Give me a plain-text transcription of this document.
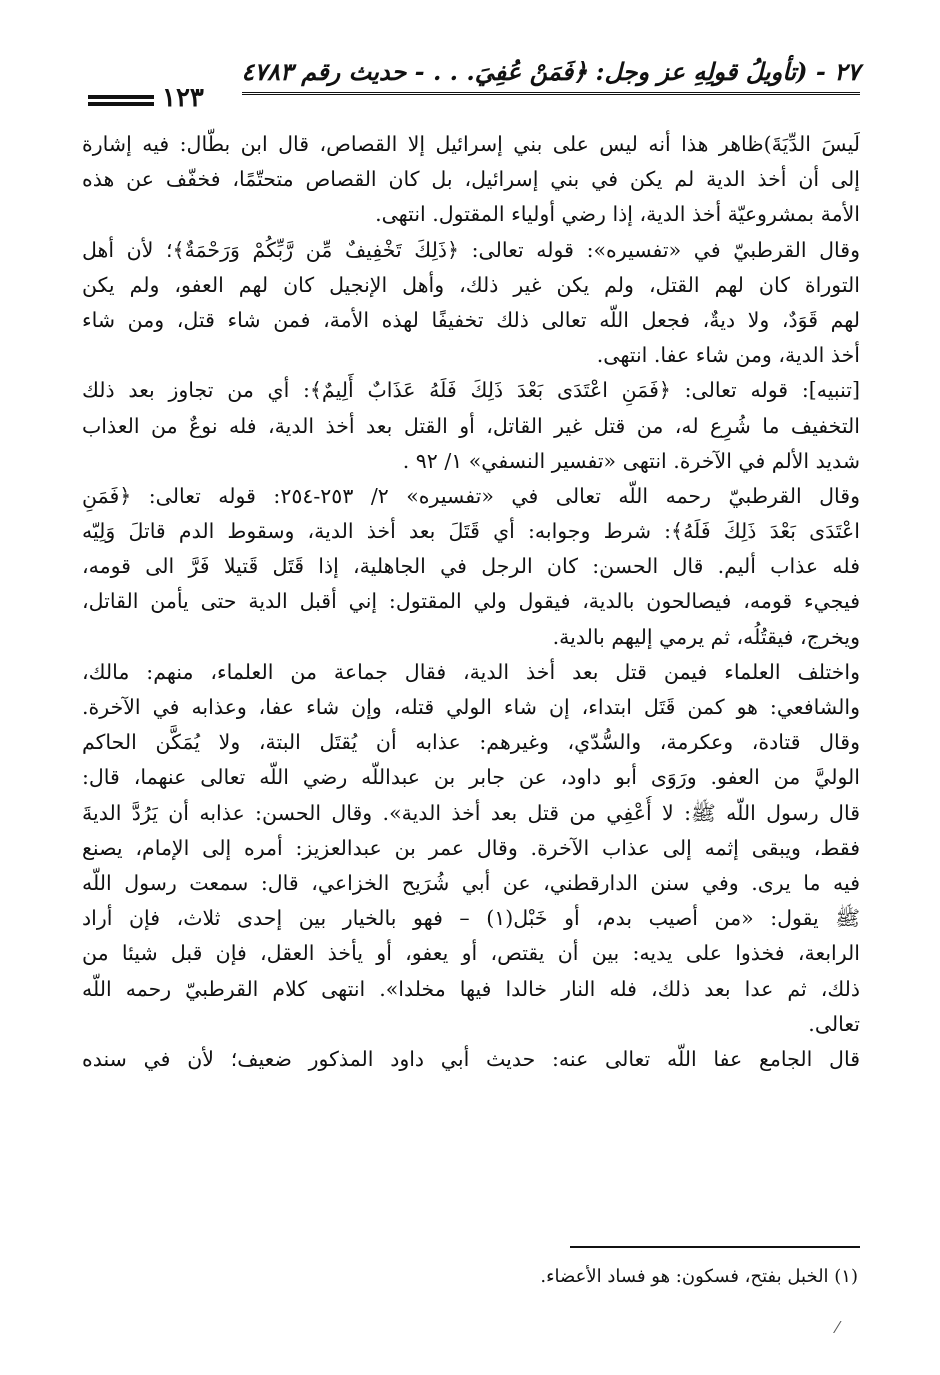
٢٧ - (تأويلُ قولِهِ عز وجل: ﴿فَمَنْ عُفِيَ. . . - حديث رقم ٤٧٨٣
١٢٣
لَيسَ الدِّيَةَ)ظاهر هذا أنه ليس على بني إسرائيل إلا القصاص، قال ابن بطّال: فيه إشارة
إلى أن أخذ الدية لم يكن في بني إسرائيل، بل كان القصاص متحتّمًا، فخفّف عن هذه
الأمة بمشروعيّة أخذ الدية، إذا رضي أولياء المقتول. انتهى.
وقال القرطبيّ في «تفسيره»: قوله تعالى: ﴿ذَلِكَ تَخْفِيفٌ مِّن رَّبِّكُمْ وَرَحْمَةٌ﴾؛ لأن أهل
التوراة كان لهم القتل، ولم يكن غير ذلك، وأهل الإنجيل كان لهم العفو، ولم يكن
لهم قَوَدٌ، ولا ديةٌ، فجعل اللّه تعالى ذلك تخفيفًا لهذه الأمة، فمن شاء قتل، ومن شاء
أخذ الدية، ومن شاء عفا. انتهى.
[تنبيه]: قوله تعالى: ﴿فَمَنِ اعْتَدَى بَعْدَ ذَلِكَ فَلَهُ عَذَابٌ أَلِيمٌ﴾: أي من تجاوز بعد ذلك
التخفيف ما شُرِع له، من قتل غير القاتل، أو القتل بعد أخذ الدية، فله نوعٌ من العذاب
شديد الألم في الآخرة. انتهى «تفسير النسفي» ١/ ٩٢ .
وقال القرطبيّ رحمه اللّه تعالى في «تفسيره» ٢/ ٢٥٣-٢٥٤: قوله تعالى: ﴿فَمَنِ
اعْتَدَى بَعْدَ ذَلِكَ فَلَهُ﴾: شرط وجوابه: أي قَتَلَ بعد أخذ الدية، وسقوط الدم قاتلَ وَلِيّه
فله عذاب أليم. قال الحسن: كان الرجل في الجاهلية، إذا قَتَل قَتيلا فَرَّ الى قومه،
فيجيء قومه، فيصالحون بالدية، فيقول ولي المقتول: إني أقبل الدية حتى يأمن القاتل،
ويخرج، فيقتُلُه، ثم يرمي إليهم بالدية.
واختلف العلماء فيمن قتل بعد أخذ الدية، فقال جماعة من العلماء، منهم: مالك،
والشافعي: هو كمن قَتَل ابتداء، إن شاء الولي قتله، وإن شاء عفا، وعذابه في الآخرة.
وقال قتادة، وعكرمة، والسُّدّي، وغيرهم: عذابه أن يُقتَل البتة، ولا يُمَكَّن الحاكم
الوليَّ من العفو. ورَوَى أبو داود، عن جابر بن عبداللّه رضي اللّه تعالى عنهما، قال:
قال رسول اللّه ﷺ: لا أُعْفِي من قتل بعد أخذ الدية». وقال الحسن: عذابه أن يَرُدَّ الديةَ
فقط، ويبقى إثمه إلى عذاب الآخرة. وقال عمر بن عبدالعزيز: أمره إلى الإمام، يصنع
فيه ما يرى. وفي سنن الدارقطني، عن أبي شُرَيح الخزاعي، قال: سمعت رسول اللّه
ﷺ يقول: «من أصيب بدم، أو خَبْل(١) – فهو بالخيار بين إحدى ثلاث، فإن أراد
الرابعة، فخذوا على يديه: بين أن يقتص، أو يعفو، أو يأخذ العقل، فإن قبل شيئا من
ذلك، ثم عدا بعد ذلك، فله النار خالدا فيها مخلدا». انتهى كلام القرطبيّ رحمه اللّه
تعالى.
قال الجامع عفا اللّه تعالى عنه: حديث أبي داود المذكور ضعيف؛ لأن في سنده
(١) الخبل بفتح، فسكون: هو فساد الأعضاء.
⁄
